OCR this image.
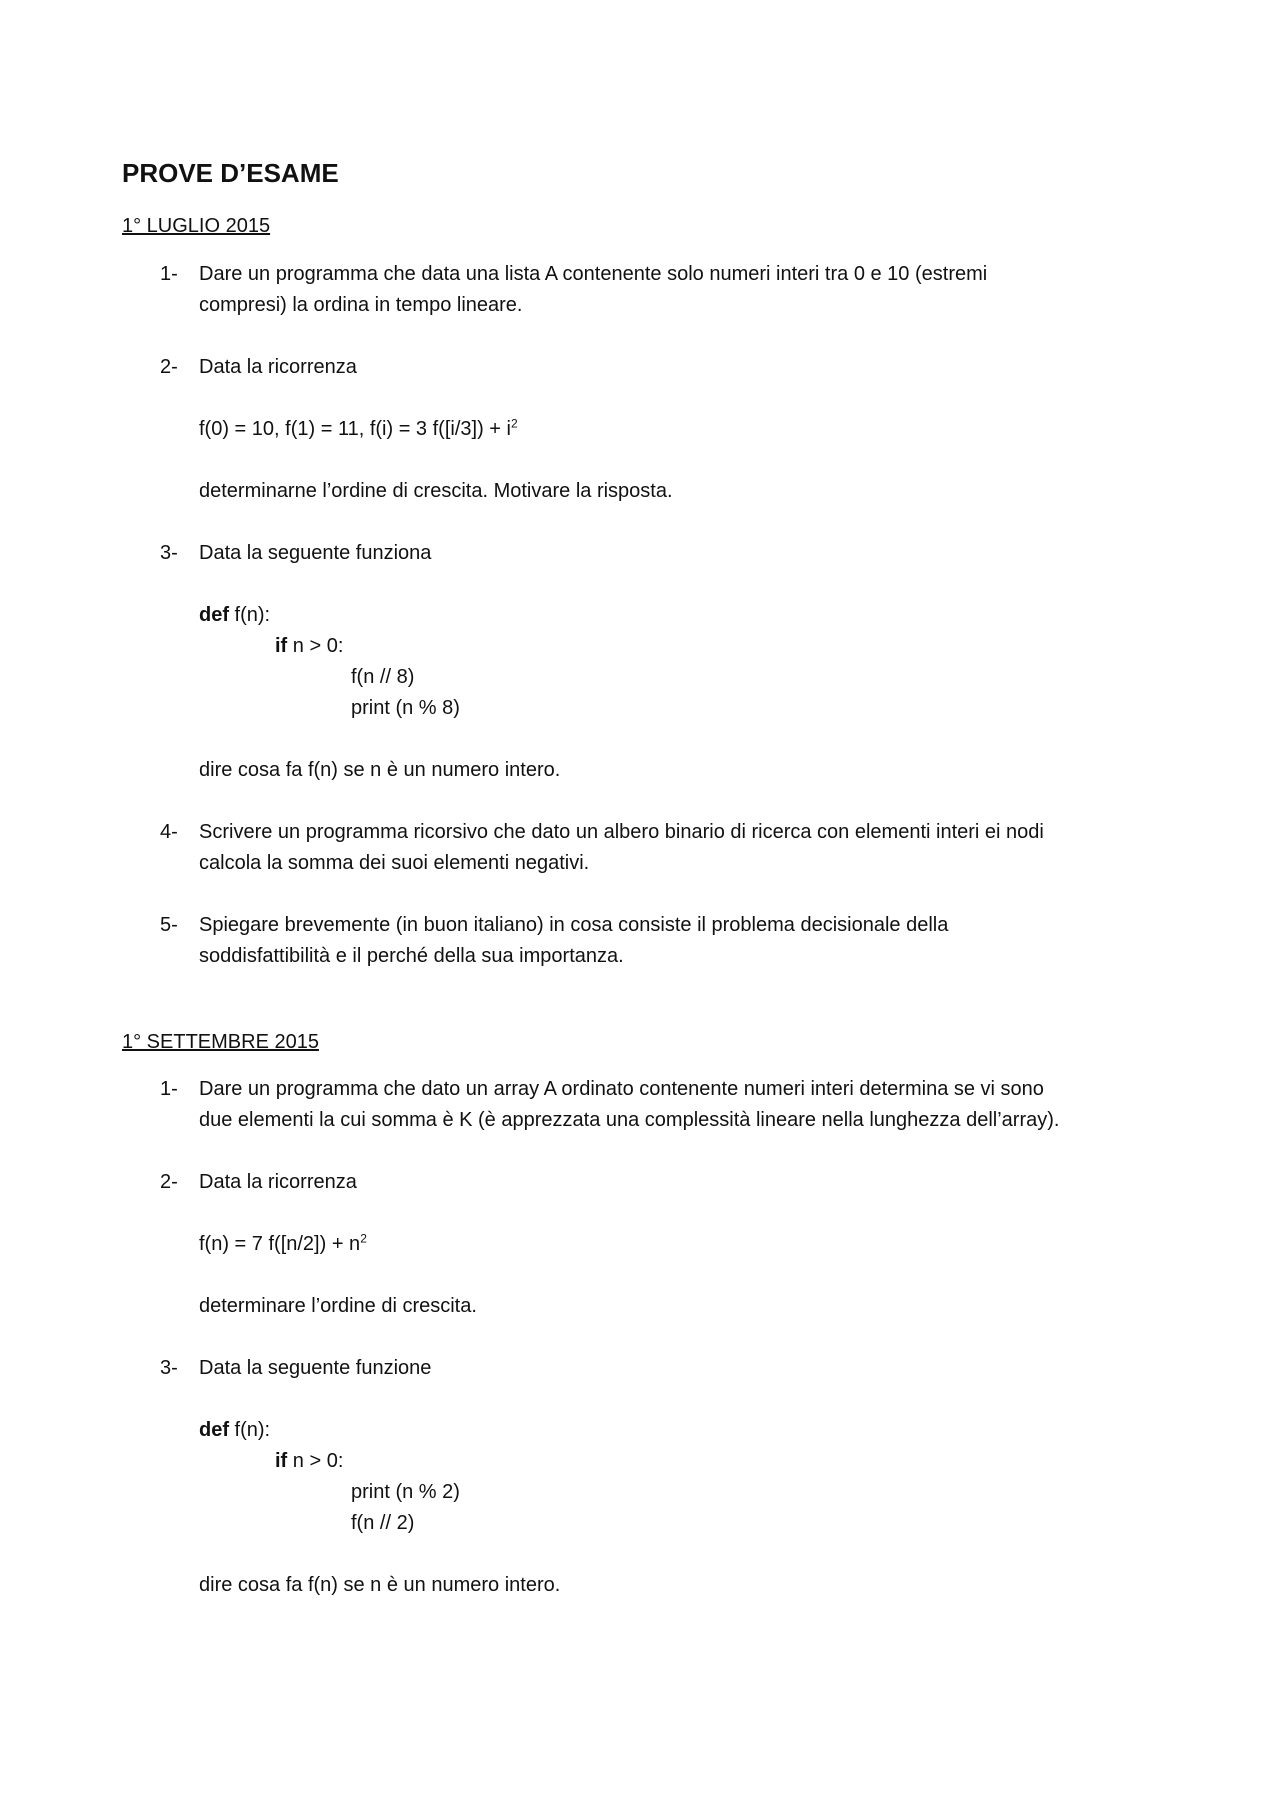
PROVE D’ESAME

1° LUGLIO 2015

1- Dare un programma che data una lista A contenente solo numeri interi tra 0 e 10 (estremi

compresi) la ordina in tempo lineare.

2- Data la ricorrenza

f(0) = 10, f(1) = 11, f(i) = 3 $f([i/3]) + i^2$

determinarne l’ordine di crescita. Motivare la risposta.

3- Data la seguente funziona

def f(n):

if n > 0:

f(n // 8)

print (n % 8)

dire cosa fa f(n) se n è un numero intero.

4- Scrivere un programma ricorsivo che dato un albero binario di ricerca con elementi interi ei nodi

calcola la somma dei suoi elementi negativi.

5- Spiegare brevemente (in buon italiano) in cosa consiste il problema decisionale della

soddisfattibilità e il perché della sua importanza.

1° SETTEMBRE 2015

1- Dare un programma che dato un array A ordinato contenente numeri interi determina se vi sono

due elementi la cui somma è K (è apprezzata una complessità lineare nella lunghezza dell’array).

2- Data la ricorrenza

f(n) = 7 $f([n/2]) + n^2$

determinare l’ordine di crescita.

3- Data la seguente funzione

def f(n):

if n > 0:

print (n % 2)

f(n // 2)

dire cosa fa f(n) se n è un numero intero.
